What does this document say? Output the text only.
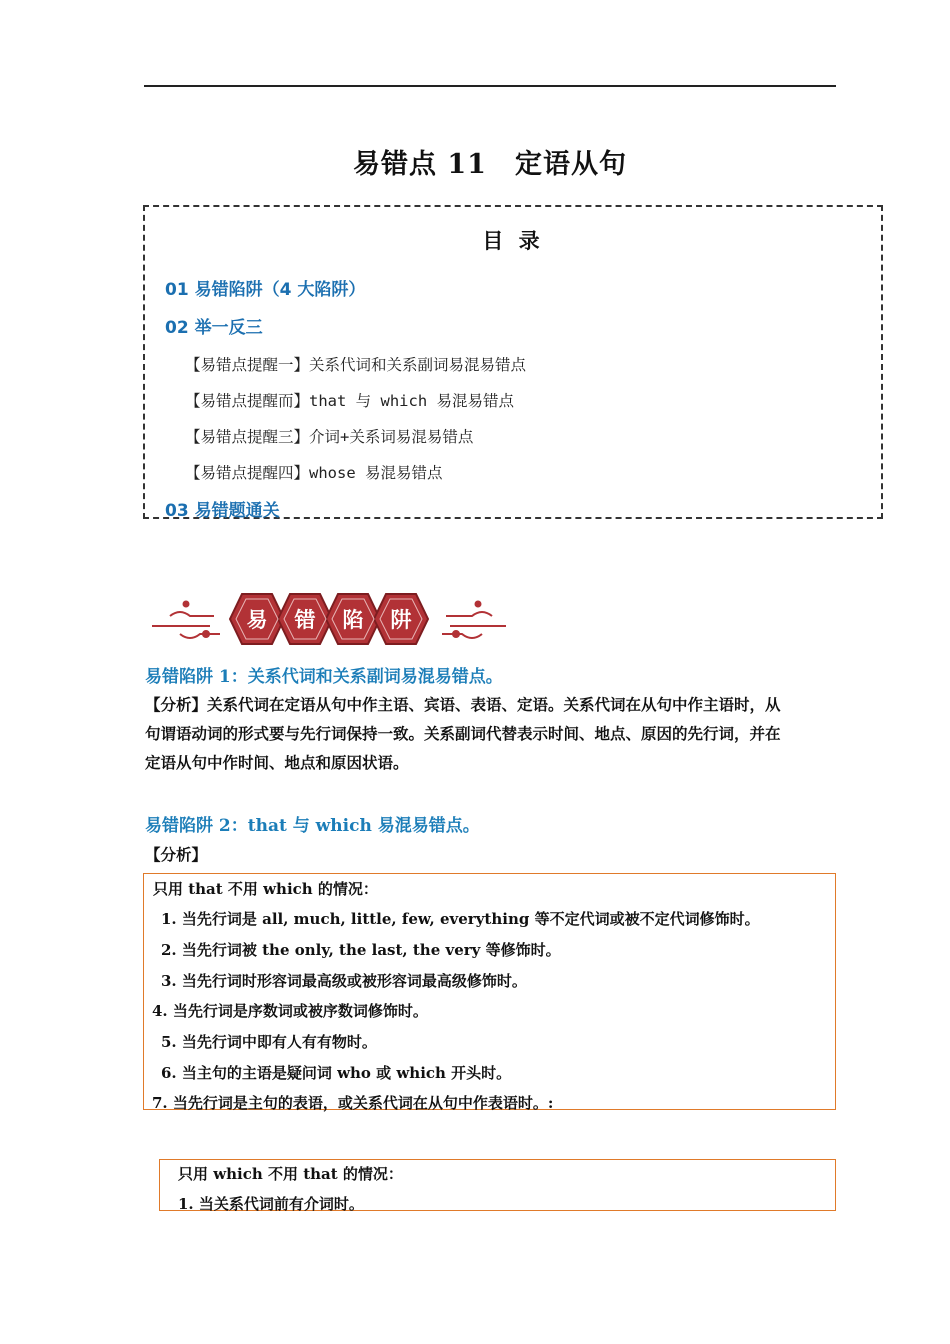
易错点 11 定语从句
目 录
01 易错陷阱（4 大陷阱）
02 举一反三
【易错点提醒一】关系代词和关系副词易混易错点
【易错点提醒而】that 与 which 易混易错点
【易错点提醒三】介词+关系词易混易错点
【易错点提醒四】whose 易混易错点
03 易错题通关
易 错 陷 阱
易错陷阱 1：关系代词和关系副词易混易错点。
【分析】关系代词在定语从句中作主语、宾语、表语、定语。关系代词在从句中作主语时，从
句谓语动词的形式要与先行词保持一致。关系副词代替表示时间、地点、原因的先行词，并在
定语从句中作时间、地点和原因状语。
易错陷阱 2：that 与 which 易混易错点。
【分析】
只用 that 不用 which 的情况：
1. 当先行词是 all, much, little, few, everything 等不定代词或被不定代词修饰时。
2. 当先行词被 the only, the last, the very 等修饰时。
3. 当先行词时形容词最高级或被形容词最高级修饰时。
4. 当先行词是序数词或被序数词修饰时。
5. 当先行词中即有人有有物时。
6. 当主句的主语是疑问词 who 或 which 开头时。
7. 当先行词是主句的表语，或关系代词在从句中作表语时。:
只用 which 不用 that 的情况：
1. 当关系代词前有介词时。
